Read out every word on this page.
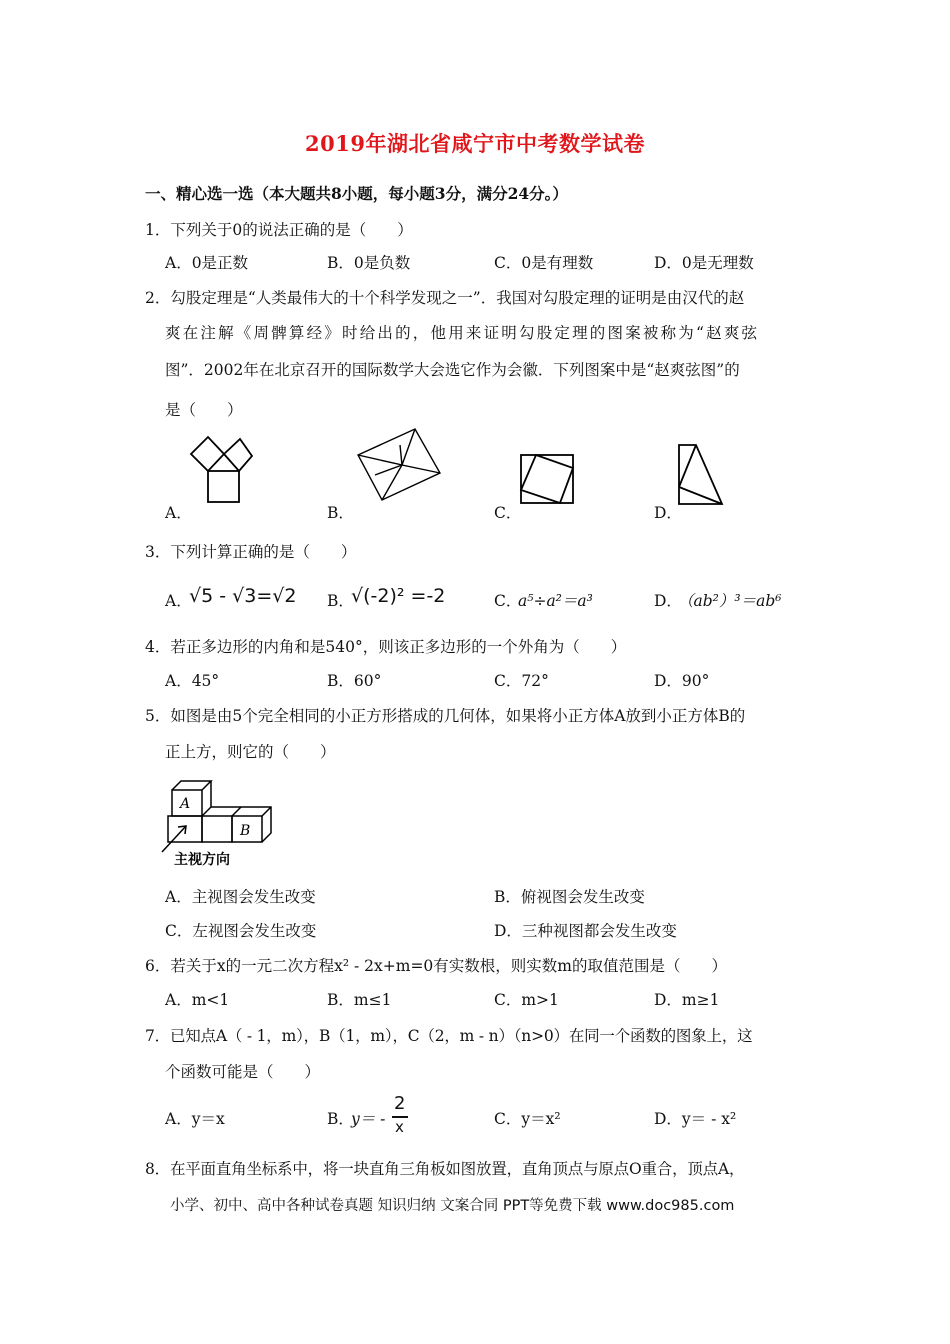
2019年湖北省咸宁市中考数学试卷
一、精心选一选（本大题共8小题，每小题3分，满分24分。）
1．下列关于0的说法正确的是（　　）
A．0是正数	B．0是负数	C．0是有理数	D．0是无理数
2．勾股定理是“人类最伟大的十个科学发现之一”．我国对勾股定理的证明是由汉代的赵
爽在注解《周髀算经》时给出的，他用来证明勾股定理的图案被称为“赵爽弦
图”．2002年在北京召开的国际数学大会选它作为会徽．下列图案中是“赵爽弦图”的
是（　　）
A．	B．	C．	D．
3．下列计算正确的是（　　）
A．
√5 - √3=√2 B．
√(-2)² =-2	C．
a⁵÷a²＝a³	D．
（ab²）³＝ab⁶
4．若正多边形的内角和是540°，则该正多边形的一个外角为（　　）
A．45°	B．60°	C．72°	D．90°
5．如图是由5个完全相同的小正方形搭成的几何体，如果将小正方体A放到小正方体B的
正上方，则它的（　　）
A
B
主视方向
A．主视图会发生改变	B．俯视图会发生改变
C．左视图会发生改变	D．三种视图都会发生改变
6．若关于x的一元二次方程x² - 2x+m=0有实数根，则实数m的取值范围是（　　）
A．m<1	B．m≤1	C．m>1	D．m≥1
7．已知点A（ - 1，m），B（1，m），C（2，m - n）（n>0）在同一个函数的图象上，这
个函数可能是（　　）
A．y＝x	B．
y＝ -
2
x	C．y＝x²	D．y＝ - x²
8．在平面直角坐标系中，将一块直角三角板如图放置，直角顶点与原点O重合，顶点A，
小学、初中、高中各种试卷真题 知识归纳 文案合同 PPT等免费下载 www.doc985.com
